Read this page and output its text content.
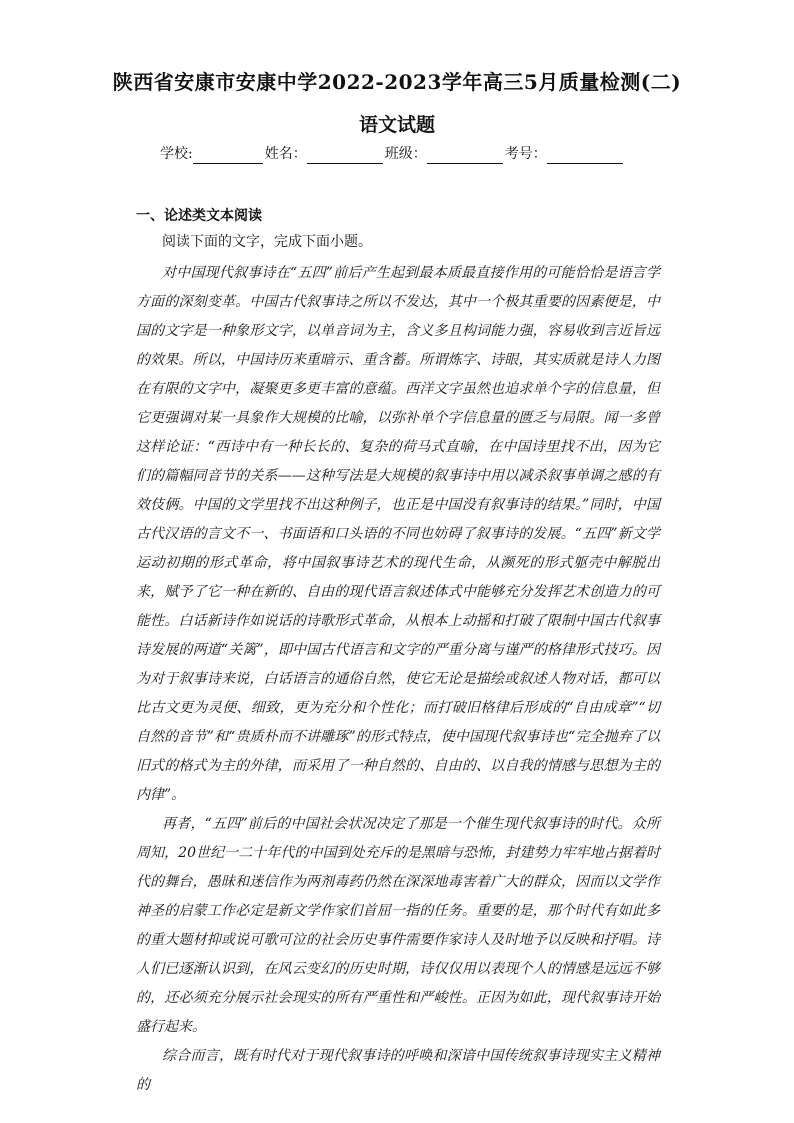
陕西省安康市安康中学2022-2023学年高三5月质量检测(二)
语文试题
学校:	姓名：	班级：	考号：
一、论述类文本阅读
阅读下面的文字，完成下面小题。

对中国现代叙事诗在“五四”前后产生起到最本质最直接作用的可能恰恰是语言学方面的深刻变革。中国古代叙事诗之所以不发达，其中一个极其重要的因素便是，中国的文字是一种象形文字，以单音词为主，含义多且构词能力强，容易收到言近旨远的效果。所以，中国诗历来重暗示、重含蓄。所谓炼字、诗眼，其实质就是诗人力图在有限的文字中，凝聚更多更丰富的意蕴。西洋文字虽然也追求单个字的信息量，但它更强调对某一具象作大规模的比喻，以弥补单个字信息量的匮乏与局限。闻一多曾这样论证：“西诗中有一种长长的、复杂的荷马式直喻，在中国诗里找不出，因为它们的篇幅同音节的关系——这种写法是大规模的叙事诗中用以减杀叙事单调之感的有效伎俩。中国的文学里找不出这种例子，也正是中国没有叙事诗的结果。”同时，中国古代汉语的言文不一、书面语和口头语的不同也妨碍了叙事诗的发展。“五四”新文学运动初期的形式革命，将中国叙事诗艺术的现代生命，从濒死的形式躯壳中解脱出来，赋予了它一种在新的、自由的现代语言叙述体式中能够充分发挥艺术创造力的可能性。白话新诗作如说话的诗歌形式革命，从根本上动摇和打破了限制中国古代叙事诗发展的两道“关篱”，即中国古代语言和文字的严重分离与谨严的格律形式技巧。因为对于叙事诗来说，白话语言的通俗自然，使它无论是描绘或叙述人物对话，都可以比古文更为灵便、细致，更为充分和个性化；而打破旧格律后形成的“自由成章”“切自然的音节”和“贵质朴而不讲雕琢”的形式特点，使中国现代叙事诗也“完全抛弃了以旧式的格式为主的外律，而采用了一种自然的、自由的、以自我的情感与思想为主的内律”。

再者，“五四”前后的中国社会状况决定了那是一个催生现代叙事诗的时代。众所周知，20世纪一二十年代的中国到处充斥的是黑暗与恐怖，封建势力牢牢地占据着时代的舞台，愚昧和迷信作为两剂毒药仍然在深深地毒害着广大的群众，因而以文学作神圣的启蒙工作必定是新文学作家们首屈一指的任务。重要的是，那个时代有如此多的重大题材抑或说可歌可泣的社会历史事件需要作家诗人及时地予以反映和抒唱。诗人们已逐渐认识到，在风云变幻的历史时期，诗仅仅用以表现个人的情感是远远不够的，还必须充分展示社会现实的所有严重性和严峻性。正因为如此，现代叙事诗开始盛行起来。

综合而言，既有时代对于现代叙事诗的呼唤和深谙中国传统叙事诗现实主义精神的
